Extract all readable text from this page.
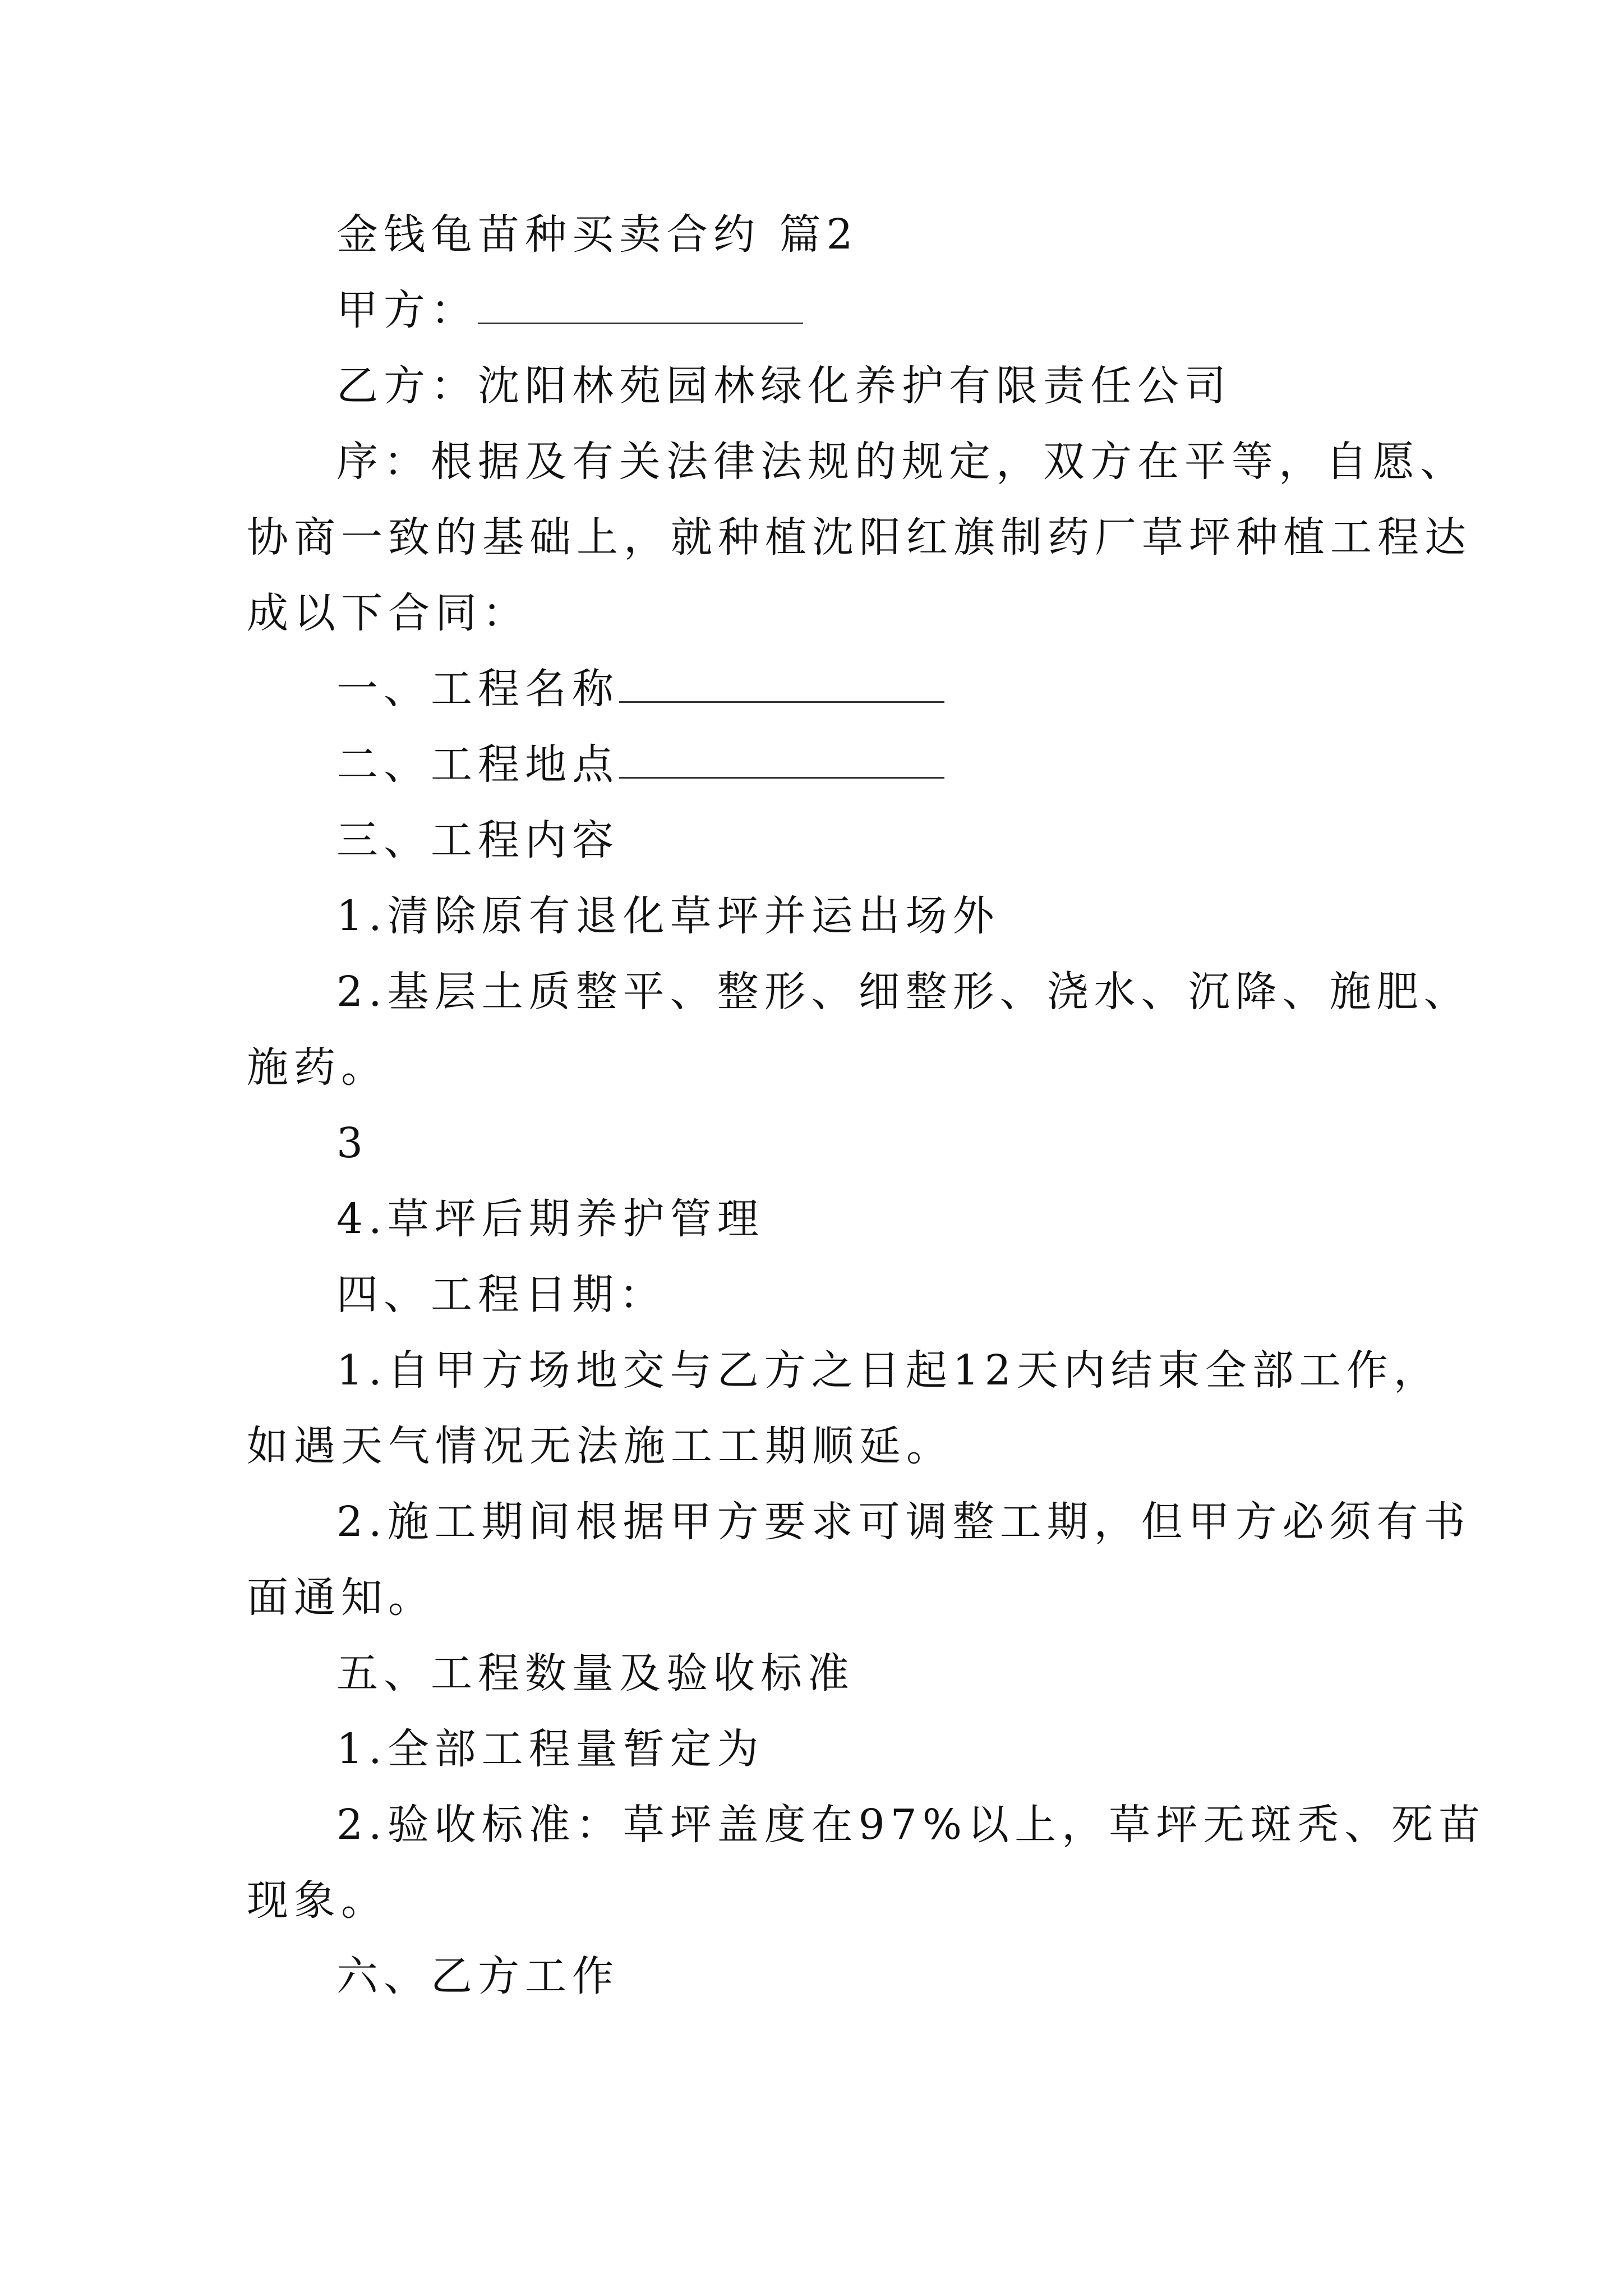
金钱龟苗种买卖合约 篇2
甲方：
乙方：沈阳林苑园林绿化养护有限责任公司
序：根据及有关法律法规的规定，双方在平等，自愿、
协商一致的基础上，就种植沈阳红旗制药厂草坪种植工程达
成以下合同：
一、工程名称
二、工程地点
三、工程内容
1.清除原有退化草坪并运出场外
2.基层土质整平、整形、细整形、浇水、沉降、施肥、
施药。
3
4.草坪后期养护管理
四、工程日期：
1.自甲方场地交与乙方之日起12天内结束全部工作，
如遇天气情况无法施工工期顺延。
2.施工期间根据甲方要求可调整工期，但甲方必须有书
面通知。
五、工程数量及验收标准
1.全部工程量暂定为
2.验收标准：草坪盖度在97%以上，草坪无斑秃、死苗
现象。
六、乙方工作
